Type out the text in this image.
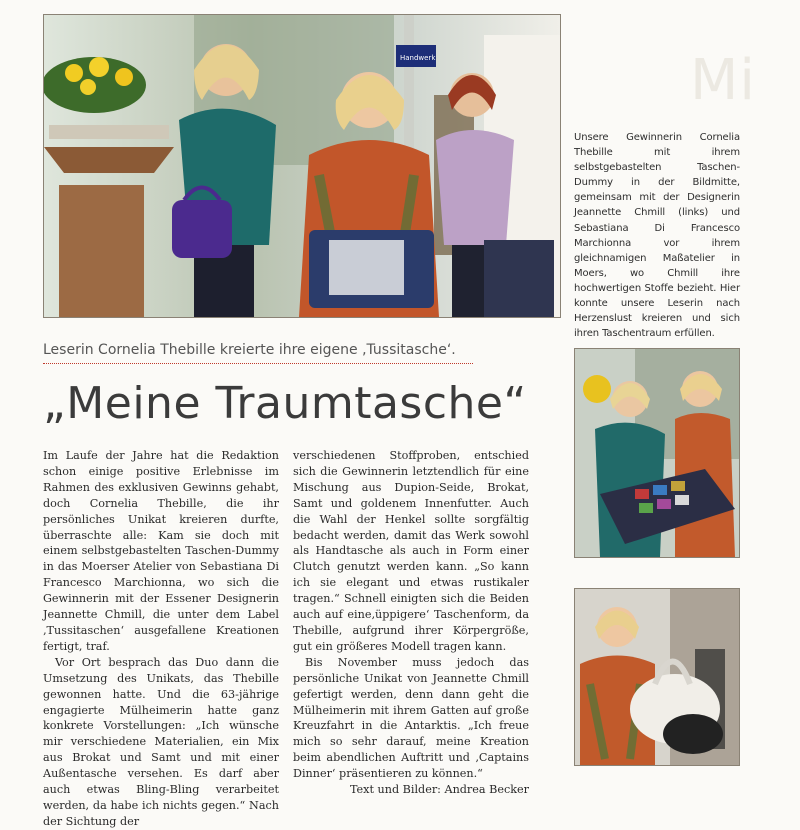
Mi
Handwerk
Unsere Gewinnerin Cornelia Thebille mit ihrem selbstgebastelten Taschen-Dummy in der Bildmitte, gemeinsam mit der Designerin Jeannette Chmill (links) und Sebastiana Di Francesco Marchionna vor ihrem gleichnamigen Maßatelier in Moers, wo Chmill ihre hochwertigen Stoffe bezieht. Hier konnte unsere Leserin nach Herzenslust kreieren und sich ihren Taschentraum erfüllen.
Leserin Cornelia Thebille kreierte ihre eigene ‚Tussitasche‘.
„Meine Traumtasche“

Im Laufe der Jahre hat die Redaktion schon einige positive Erlebnisse im Rahmen des exklusiven Gewinns gehabt, doch Cornelia Thebille, die ihr persönliches Unikat kreieren durfte, überraschte alle: Kam sie doch mit einem selbstgebastelten Taschen-Dummy in das Moerser Atelier von Sebastiana Di Francesco Marchionna, wo sich die Gewinnerin mit der Essener Designerin Jeannette Chmill, die unter dem Label ‚Tussitaschen‘ ausgefallene Kreationen fertigt, traf.

Vor Ort besprach das Duo dann die Umsetzung des Unikats, das Thebille gewonnen hatte. Und die 63-jährige engagierte Mülheimerin hatte ganz konkrete Vorstellungen: „Ich wünsche mir verschiedene Materialien, ein Mix aus Brokat und Samt und mit einer Außentasche versehen. Es darf aber auch etwas Bling-Bling verarbeitet werden, da habe ich nichts gegen.“ Nach der Sichtung der

verschiedenen Stoffproben, entschied sich die Gewinnerin letztendlich für eine Mischung aus Dupion-Seide, Brokat, Samt und goldenem Innenfutter. Auch die Wahl der Henkel sollte sorgfältig bedacht werden, damit das Werk sowohl als Handtasche als auch in Form einer Clutch genutzt werden kann. „So kann ich sie elegant und etwas rustikaler tragen.“ Schnell einigten sich die Beiden auch auf eine‚üppigere‘ Taschenform, da Thebille, aufgrund ihrer Körpergröße, gut ein größeres Modell tragen kann.

Bis November muss jedoch das persönliche Unikat von Jeannette Chmill gefertigt werden, denn dann geht die Mülheimerin mit ihrem Gatten auf große Kreuzfahrt in die Antarktis. „Ich freue mich so sehr darauf, meine Kreation beim abendlichen Auftritt und ‚Captains Dinner‘ präsentieren zu können.“

Text und Bilder: Andrea Becker
